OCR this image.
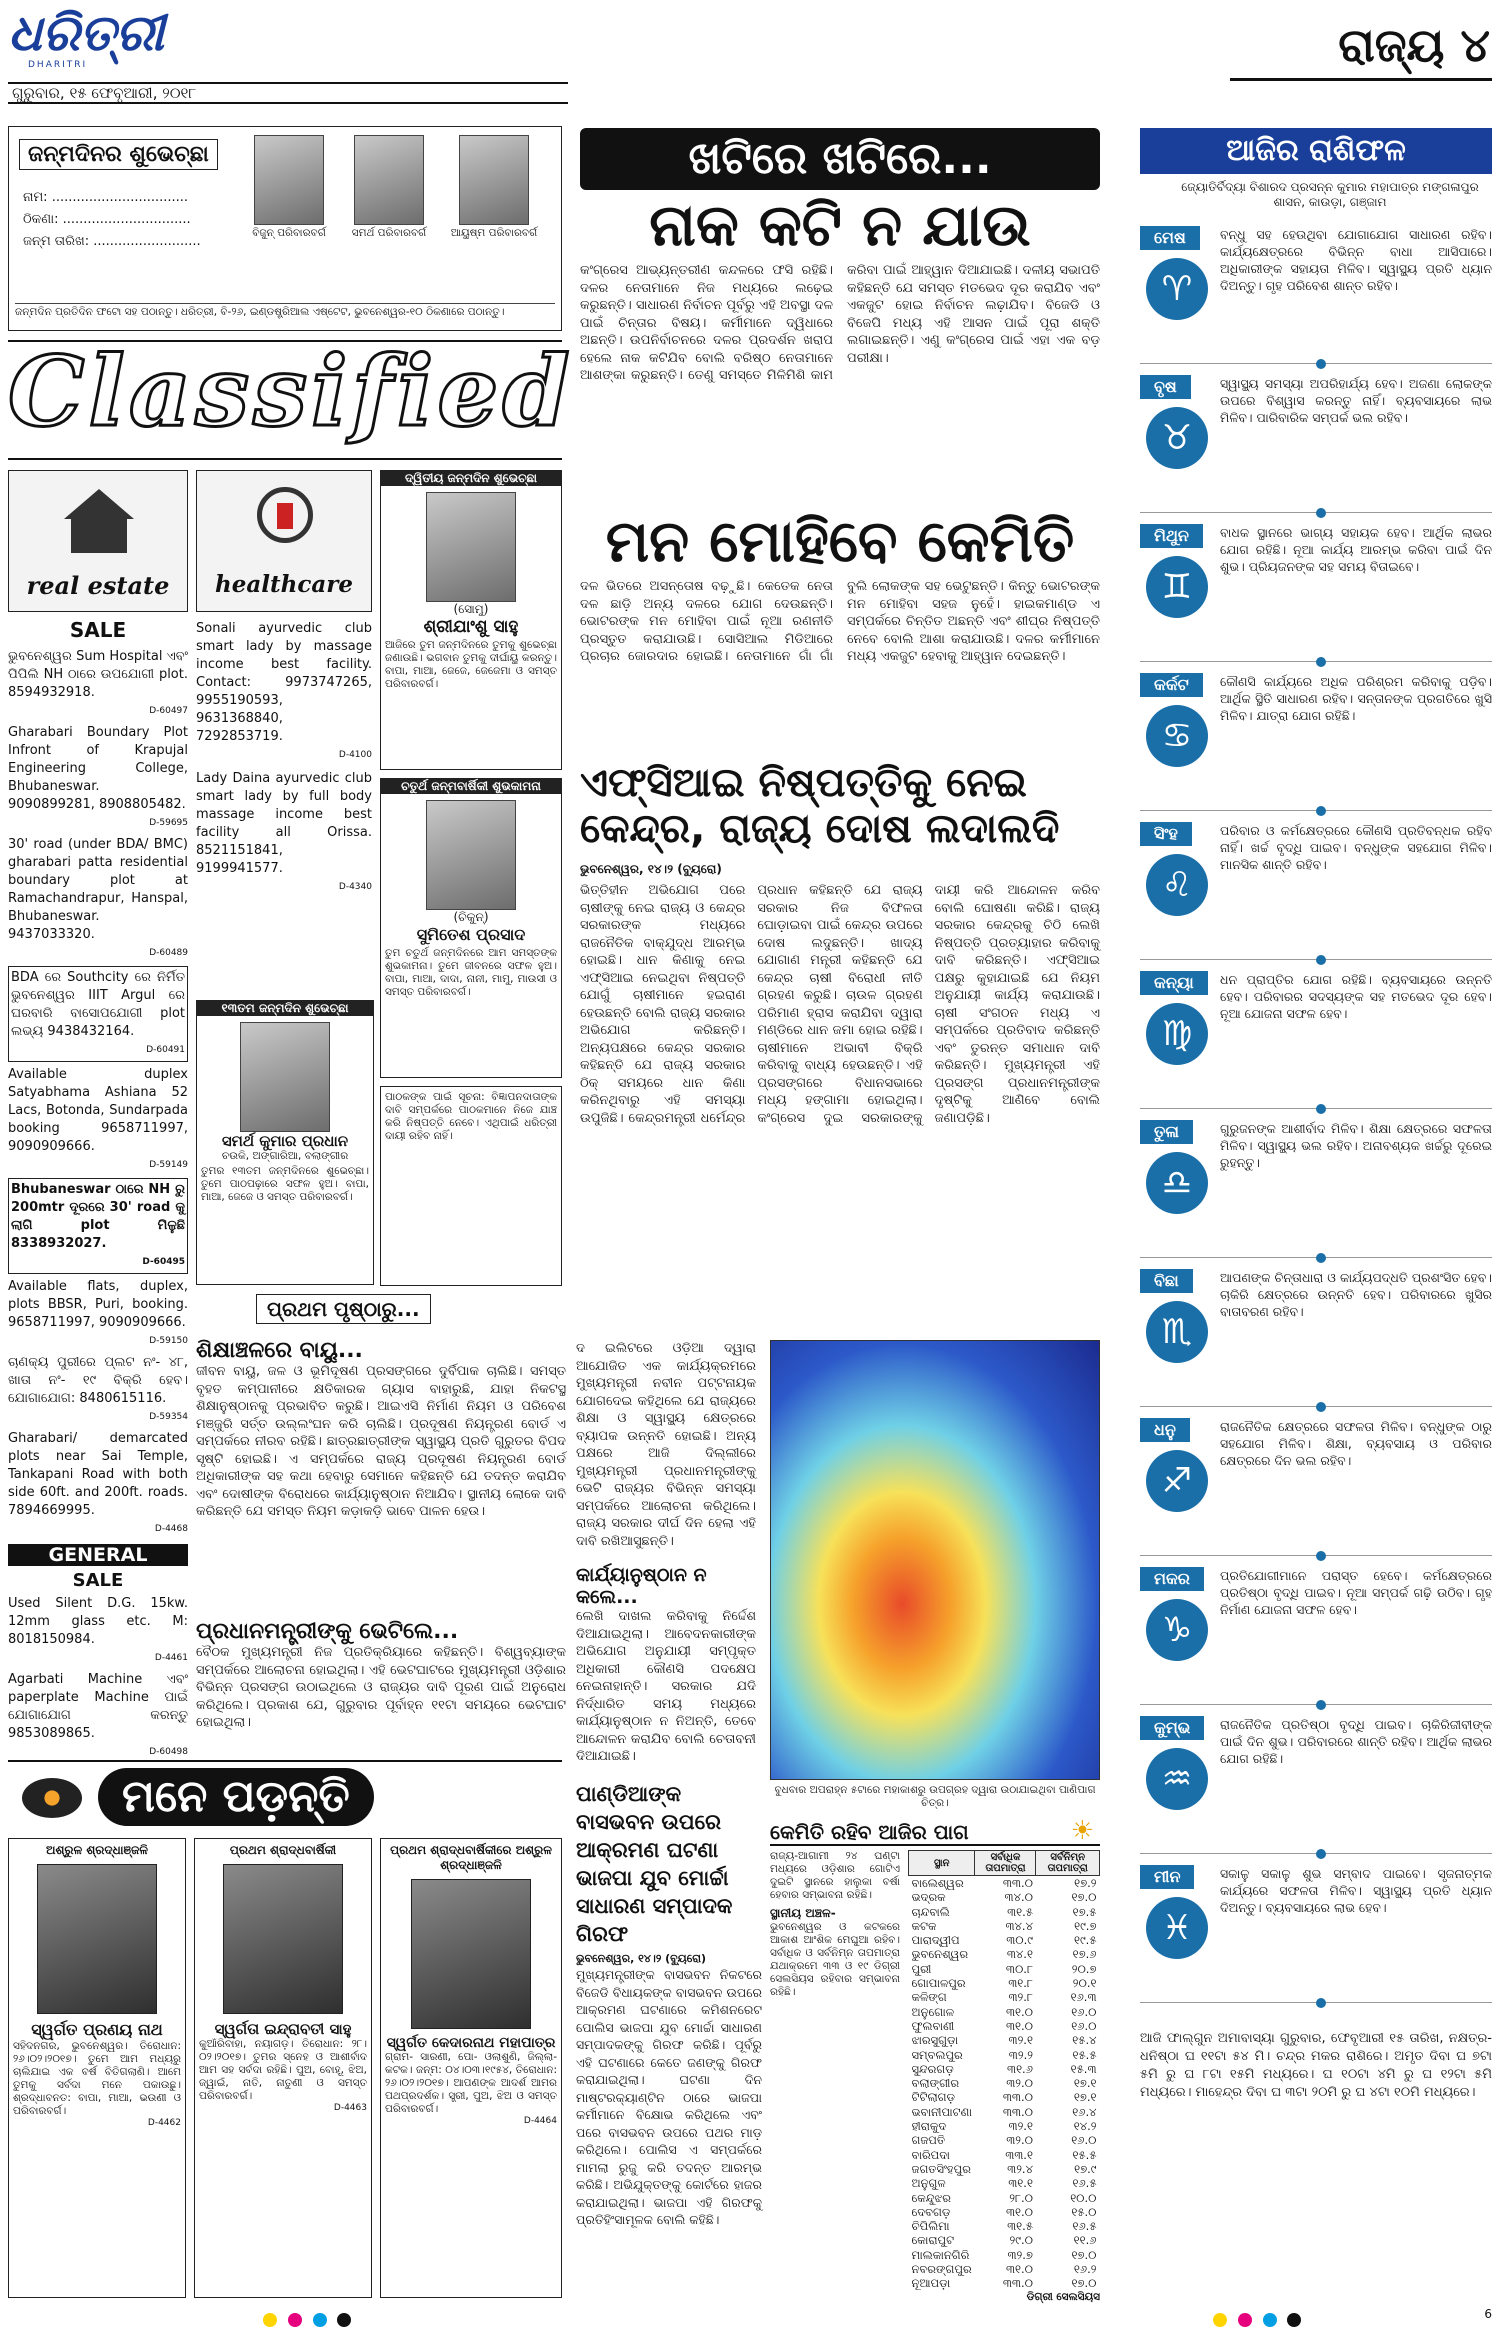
ଧରିତ୍ରୀ
DHARITRI
ଗୁରୁବାର, ୧୫ ଫେବୃଆରୀ, ୨୦୧୮
ରାଜ୍ୟ ୪
ଜନ୍ମଦିନର ଶୁଭେଚ୍ଛା
ନାମ: .................................
ଠିକଣା: ...............................
ଜନ୍ମ ତାରିଖ: ..........................
ବିଜୁନ୍ ପରିବାରବର୍ଗ	ସମର୍ଥ ପରିବାରବର୍ଗ	ଆୟୁଷ୍ମ ପରିବାରବର୍ଗ
ଜନ୍ମଦିନ ପ୍ରତିଦିନ ଫଟୋ ସହ ପଠାନ୍ତୁ। ଧରିତ୍ରୀ, ବି-୨୬, ଇଣ୍ଡଷ୍ଟ୍ରିଆଲ ଏଷ୍ଟେଟ, ଭୁବନେଶ୍ୱର-୧୦ ଠିକଣାରେ ପଠାନ୍ତୁ।
Classified
real estate
SALE
ଭୁବନେଶ୍ୱର Sum Hospital ଏବଂ ପିପିଲି NH ଠାରେ ଉପଯୋଗୀ plot. 8594932918.
D-60497
Gharabari Boundary Plot Infront of Krapujal Engineering College, Bhubaneswar. 9090899281, 8908805482.
D-59695
30' road (under BDA/ BMC) gharabari patta residential boundary plot at Ramachandrapur, Hanspal, Bhubaneswar. 9437033320.
D-60489
BDA ରେ Southcity ରେ ନିର୍ମିତ ଭୁବନେଶ୍ୱର IIIT Argul ରେ ଘରବାରି ବାସୋପଯୋଗୀ plot ଲଭ୍ୟ 9438432164.
D-60491
Available duplex Satyabhama Ashiana 52 Lacs, Botonda, Sundarpada booking 9658711997, 9090909666.
D-59149
Bhubaneswar ଠାରେ NH ରୁ 200mtr ଦୂରରେ 30' road କୁ ଲାଗି plot ମିଳୁଛି 8338932027.
D-60495
Available flats, duplex, plots BBSR, Puri, booking. 9658711997, 9090909666.
D-59150
ଚାଣକ୍ୟ ପୁରୀରେ ପ୍ଲଟ ନଂ- ୪୮, ଖାତା ନଂ- ୧୯ ବିକ୍ରି ହେବ। ଯୋଗାଯୋଗ: 8480615116.
D-59354
Gharabari/ demarcated plots near Sai Temple, Tankapani Road with both side 60ft. and 200ft. roads. 7894669995.
D-4468
GENERAL
SALE
Used Silent D.G. 15kw. 12mm glass etc. M: 8018150984.
D-4461
Agarbati Machine ଏବଂ paperplate Machine ପାଇଁ ଯୋଗାଯୋଗ କରନ୍ତୁ 9853089865.
D-60498
healthcare
Sonali ayurvedic club smart lady by massage income best facility. Contact: 9973747265, 9955190593, 9631368840, 7292853719.
D-4100
Lady Daina ayurvedic club smart lady by full body massage income best facility all Orissa. 8521151841, 9199941577.
D-4340
ଦ୍ୱିତୀୟ ଜନ୍ମଦିନ ଶୁଭେଚ୍ଛା
(ସୋମୁ)
ଶ୍ରୀଯାଂଶୁ ସାହୁ
ଆଜିରେ ତୁମ ଜନ୍ମଦିନରେ ତୁମକୁ ଶୁଭେଚ୍ଛା ଜଣାଉଛି। ଭଗବାନ ତୁମକୁ ଦୀର୍ଘାୟୁ କରନ୍ତୁ। ବାପା, ମାଆ, ଜେଜେ, ଜେଜେମା ଓ ସମସ୍ତ ପରିବାରବର୍ଗ।
ଚତୁର୍ଥ ଜନ୍ମବାର୍ଷିକୀ ଶୁଭକାମନା
(ଚିକୁନ୍)
ସୁମିତେଶ ପ୍ରସାଦ
ତୁମ ଚତୁର୍ଥ ଜନ୍ମଦିନରେ ଆମ ସମସ୍ତଙ୍କ ଶୁଭକାମନା। ତୁମେ ଜୀବନରେ ସଫଳ ହୁଅ। ବାପା, ମାଆ, ଦାଦା, ନାନୀ, ମାମୁ, ମାଉସୀ ଓ ସମସ୍ତ ପରିବାରବର୍ଗ।
୧୩ତମ ଜନ୍ମଦିନ ଶୁଭେଚ୍ଛା
ସମର୍ଥ କୁମାର ପ୍ରଧାନ
ଚଉକି, ଅଙ୍ଗାରିଆ, ବଲାଙ୍ଗୀର
ତୁମର ୧୩ତମ ଜନ୍ମଦିନରେ ଶୁଭେଚ୍ଛା। ତୁମେ ପାଠପଢ଼ାରେ ସଫଳ ହୁଅ। ବାପା, ମାଆ, ଜେଜେ ଓ ସମସ୍ତ ପରିବାରବର୍ଗ।
ପାଠକଙ୍କ ପାଇଁ ସୂଚନା: ବିଜ୍ଞାପନଦାତାଙ୍କ ଦାବି ସମ୍ପର୍କରେ ପାଠକମାନେ ନିଜେ ଯାଞ୍ଚ କରି ନିଷ୍ପତ୍ତି ନେବେ। ଏଥିପାଇଁ ଧରିତ୍ରୀ ଦାୟୀ ରହିବ ନାହିଁ।
ପ୍ରଥମ ପୃଷ୍ଠାରୁ...
ଶିକ୍ଷାଞ୍ଚଳରେ ବାୟୁ...
ଜୀବନ ବାୟୁ, ଜଳ ଓ ଭୂମିଦୂଷଣ ପ୍ରସଙ୍ଗରେ ଦୁର୍ବିପାକ ଚାଲିଛି। ସମସ୍ତ ବୃହତ କମ୍ପାନୀରେ କ୍ଷତିକାରକ ଗ୍ୟାସ ବାହାରୁଛି, ଯାହା ନିକଟସ୍ଥ ଶିକ୍ଷାନୁଷ୍ଠାନକୁ ପ୍ରଭାବିତ କରୁଛି। ଆଇଏସି ନିର୍ମାଣ ନିୟମ ଓ ପରିବେଶ ମଞ୍ଜୁରି ସର୍ତ୍ତ ଉଲ୍ଲଂଘନ କରି ଚାଲିଛି। ପ୍ରଦୂଷଣ ନିୟନ୍ତ୍ରଣ ବୋର୍ଡ ଏ ସମ୍ପର୍କରେ ନୀରବ ରହିଛି। ଛାତ୍ରଛାତ୍ରୀଙ୍କ ସ୍ୱାସ୍ଥ୍ୟ ପ୍ରତି ଗୁରୁତର ବିପଦ ସୃଷ୍ଟି ହୋଇଛି। ଏ ସମ୍ପର୍କରେ ରାଜ୍ୟ ପ୍ରଦୂଷଣ ନିୟନ୍ତ୍ରଣ ବୋର୍ଡ ଅଧିକାରୀଙ୍କ ସହ କଥା ହେବାରୁ ସେମାନେ କହିଛନ୍ତି ଯେ ତଦନ୍ତ କରାଯିବ ଏବଂ ଦୋଷୀଙ୍କ ବିରୋଧରେ କାର୍ଯ୍ୟାନୁଷ୍ଠାନ ନିଆଯିବ। ସ୍ଥାନୀୟ ଲୋକେ ଦାବି କରିଛନ୍ତି ଯେ ସମସ୍ତ ନିୟମ କଡ଼ାକଡ଼ି ଭାବେ ପାଳନ ହେଉ।
ପ୍ରଧାନମନ୍ତ୍ରୀଙ୍କୁ ଭେଟିଲେ...
ବୈଠକ ମୁଖ୍ୟମନ୍ତ୍ରୀ ନିଜ ପ୍ରତିକ୍ରିୟାରେ କହିଛନ୍ତି। ବିଶ୍ୱବ୍ୟାଙ୍କ ସମ୍ପର୍କରେ ଆଲୋଚନା ହୋଇଥିଲା। ଏହି ଭେଟଘାଟରେ ମୁଖ୍ୟମନ୍ତ୍ରୀ ଓଡ଼ିଶାର ବିଭିନ୍ନ ପ୍ରସଙ୍ଗ ଉଠାଇଥିଲେ ଓ ରାଜ୍ୟର ଦାବି ପୂରଣ ପାଇଁ ଅନୁରୋଧ କରିଥିଲେ। ପ୍ରକାଶ ଯେ, ଗୁରୁବାର ପୂର୍ବାହ୍ନ ୧୧ଟା ସମୟରେ ଭେଟଘାଟ ହୋଇଥିଲା।
ଦ ଇଲିଟରେ ଓଡ଼ିଆ ଦ୍ୱାରା ଆଯୋଜିତ ଏକ କାର୍ଯ୍ୟକ୍ରମରେ ମୁଖ୍ୟମନ୍ତ୍ରୀ ନବୀନ ପଟ୍ଟନାୟକ ଯୋଗଦେଇ କହିଥିଲେ ଯେ ରାଜ୍ୟରେ ଶିକ୍ଷା ଓ ସ୍ୱାସ୍ଥ୍ୟ କ୍ଷେତ୍ରରେ ବ୍ୟାପକ ଉନ୍ନତି ହୋଇଛି। ଅନ୍ୟ ପକ୍ଷରେ ଆଜି ଦିଲ୍ଲୀରେ ମୁଖ୍ୟମନ୍ତ୍ରୀ ପ୍ରଧାନମନ୍ତ୍ରୀଙ୍କୁ ଭେଟି ରାଜ୍ୟର ବିଭିନ୍ନ ସମସ୍ୟା ସମ୍ପର୍କରେ ଆଲୋଚନା କରିଥିଲେ। ରାଜ୍ୟ ସରକାର ଦୀର୍ଘ ଦିନ ହେଲା ଏହି ଦାବି ରଖିଆସୁଛନ୍ତି।
କାର୍ଯ୍ୟାନୁଷ୍ଠାନ ନ କଲେ...
ଲେଖି ଦାଖଲ କରିବାକୁ ନିର୍ଦ୍ଦେଶ ଦିଆଯାଇଥିଲା। ଆବେଦନକାରୀଙ୍କ ଅଭିଯୋଗ ଅନୁଯାୟୀ ସମ୍ପୃକ୍ତ ଅଧିକାରୀ କୌଣସି ପଦକ୍ଷେପ ନେଇନାହାନ୍ତି। ସରକାର ଯଦି ନିର୍ଦ୍ଧାରିତ ସମୟ ମଧ୍ୟରେ କାର୍ଯ୍ୟାନୁଷ୍ଠାନ ନ ନିଅନ୍ତି, ତେବେ ଆନ୍ଦୋଳନ କରାଯିବ ବୋଲି ଚେତାବନୀ ଦିଆଯାଇଛି।
ମନେ ପଡ଼ନ୍ତି
ଅଶ୍ରୁଳ ଶ୍ରଦ୍ଧାଞ୍ଜଳି
ସ୍ୱର୍ଗତ ପ୍ରଣୟ ନାଥ
ସହିଦନଗର, ଭୁବନେଶ୍ୱର। ତିରୋଧାନ: ୨୬।୦୨।୨୦୧୭। ତୁମେ ଆମ ମଧ୍ୟରୁ ଚାଲିଯାଇ ଏକ ବର୍ଷ ବିତିଗଲାଣି। ଆମେ ତୁମକୁ ସର୍ବଦା ମନେ ପକାଉଛୁ। ଶ୍ରଦ୍ଧାବନତ: ବାପା, ମାଆ, ଭଉଣୀ ଓ ପରିବାରବର୍ଗ।
D-4462
ପ୍ରଥମ ଶ୍ରାଦ୍ଧବାର୍ଷିକୀ
ସ୍ୱର୍ଗତା ଇନ୍ଦ୍ରାବତୀ ସାହୁ
କୁଆଁରିବାହା, ନୟାଗଡ଼। ତିରୋଧାନ: ୨୮।୦୨।୨୦୧୭। ତୁମର ସ୍ନେହ ଓ ଆଶୀର୍ବାଦ ଆମ ସହ ସର୍ବଦା ରହିଛି। ପୁଅ, ବୋହୂ, ଝିଅ, ଜ୍ୱାଇଁ, ନାତି, ନାତୁଣୀ ଓ ସମସ୍ତ ପରିବାରବର୍ଗ।
D-4463
ପ୍ରଥମ ଶ୍ରାଦ୍ଧବାର୍ଷିକୀରେ ଅଶ୍ରୁଳ ଶ୍ରଦ୍ଧାଞ୍ଜଳି
ସ୍ୱର୍ଗତ କେଦାରନାଥ ମହାପାତ୍ର
ଗ୍ରାମ- ସାରଣୀ, ପୋ- ଓଲାଶୁଣି, ଜିଲ୍ଲା- କଟକ। ଜନ୍ମ: ୦୪।୦୩।୧୯୫୪, ତିରୋଧାନ: ୨୬।୦୨।୨୦୧୭। ଆପଣଙ୍କ ଆଦର୍ଶ ଆମର ପଥପ୍ରଦର୍ଶକ। ସ୍ତ୍ରୀ, ପୁଅ, ଝିଅ ଓ ସମସ୍ତ ପରିବାରବର୍ଗ।
D-4464
ଖଟିରେ ଖଟିରେ...
ନାକ କଟି ନ ଯାଉ
କଂଗ୍ରେସ ଆଭ୍ୟନ୍ତରୀଣ କନ୍ଦଳରେ ଫସି ରହିଛି। ଦଳର ନେତାମାନେ ନିଜ ମଧ୍ୟରେ ଲଢ଼େଇ କରୁଛନ୍ତି। ସାଧାରଣ ନିର୍ବାଚନ ପୂର୍ବରୁ ଏହି ଅବସ୍ଥା ଦଳ ପାଇଁ ଚିନ୍ତାର ବିଷୟ। କର୍ମୀମାନେ ଦ୍ୱିଧାରେ ଅଛନ୍ତି। ଉପନିର୍ବାଚନରେ ଦଳର ପ୍ରଦର୍ଶନ ଖରାପ ହେଲେ ନାକ କଟିଯିବ ବୋଲି ବରିଷ୍ଠ ନେତାମାନେ ଆଶଙ୍କା କରୁଛନ୍ତି। ତେଣୁ ସମସ୍ତେ ମିଳିମିଶି କାମ କରିବା ପାଇଁ ଆହ୍ୱାନ ଦିଆଯାଇଛି। ଦଳୀୟ ସଭାପତି କହିଛନ୍ତି ଯେ ସମସ୍ତ ମତଭେଦ ଦୂର କରାଯିବ ଏବଂ ଏକଜୁଟ ହୋଇ ନିର୍ବାଚନ ଲଢ଼ାଯିବ। ବିଜେଡି ଓ ବିଜେପି ମଧ୍ୟ ଏହି ଆସନ ପାଇଁ ପୂରା ଶକ୍ତି ଲଗାଇଛନ୍ତି। ଏଣୁ କଂଗ୍ରେସ ପାଇଁ ଏହା ଏକ ବଡ଼ ପରୀକ୍ଷା।
ମନ ମୋହିବେ କେମିତି
ଦଳ ଭିତରେ ଅସନ୍ତୋଷ ବଢ଼ୁଛି। କେତେକ ନେତା ଦଳ ଛାଡ଼ି ଅନ୍ୟ ଦଳରେ ଯୋଗ ଦେଉଛନ୍ତି। ଭୋଟରଙ୍କ ମନ ମୋହିବା ପାଇଁ ନୂଆ ରଣନୀତି ପ୍ରସ୍ତୁତ କରାଯାଉଛି। ସୋସିଆଲ ମିଡିଆରେ ପ୍ରଚାର ଜୋରଦାର ହୋଇଛି। ନେତାମାନେ ଗାଁ ଗାଁ ବୁଲି ଲୋକଙ୍କ ସହ ଭେଟୁଛନ୍ତି। କିନ୍ତୁ ଭୋଟରଙ୍କ ମନ ମୋହିବା ସହଜ ନୁହେଁ। ହାଇକମାଣ୍ଡ ଏ ସମ୍ପର୍କରେ ଚିନ୍ତିତ ଅଛନ୍ତି ଏବଂ ଶୀଘ୍ର ନିଷ୍ପତ୍ତି ନେବେ ବୋଲି ଆଶା କରାଯାଉଛି। ଦଳର କର୍ମୀମାନେ ମଧ୍ୟ ଏକଜୁଟ ହେବାକୁ ଆହ୍ୱାନ ଦେଇଛନ୍ତି।
ଏଫ୍‌ସିଆଇ ନିଷ୍ପତ୍ତିକୁ ନେଇ କେନ୍ଦ୍ର, ରାଜ୍ୟ ଦୋଷ ଲଦାଲଦି
ଭୁବନେଶ୍ୱର, ୧୪।୨ (ବ୍ୟୁରୋ)
ଭିତ୍ତିହୀନ ଅଭିଯୋଗ ପରେ ଚାଷୀଙ୍କୁ ନେଇ ରାଜ୍ୟ ଓ କେନ୍ଦ୍ର ସରକାରଙ୍କ ମଧ୍ୟରେ ରାଜନୈତିକ ବାକ୍‌ଯୁଦ୍ଧ ଆରମ୍ଭ ହୋଇଛି। ଧାନ କିଣାକୁ ନେଇ ଏଫ୍‌ସିଆଇ ନେଇଥିବା ନିଷ୍ପତ୍ତି ଯୋଗୁଁ ଚାଷୀମାନେ ହଇରାଣ ହେଉଛନ୍ତି ବୋଲି ରାଜ୍ୟ ସରକାର ଅଭିଯୋଗ କରିଛନ୍ତି। ଅନ୍ୟପକ୍ଷରେ କେନ୍ଦ୍ର ସରକାର କହିଛନ୍ତି ଯେ ରାଜ୍ୟ ସରକାର ଠିକ୍ ସମୟରେ ଧାନ କିଣା କରିନଥିବାରୁ ଏହି ସମସ୍ୟା ଉପୁଜିଛି। କେନ୍ଦ୍ରମନ୍ତ୍ରୀ ଧର୍ମେନ୍ଦ୍ର ପ୍ରଧାନ କହିଛନ୍ତି ଯେ ରାଜ୍ୟ ସରକାର ନିଜ ବିଫଳତା ଘୋଡ଼ାଇବା ପାଇଁ କେନ୍ଦ୍ର ଉପରେ ଦୋଷ ଲଦୁଛନ୍ତି। ଖାଦ୍ୟ ଯୋଗାଣ ମନ୍ତ୍ରୀ କହିଛନ୍ତି ଯେ କେନ୍ଦ୍ର ଚାଷୀ ବିରୋଧୀ ନୀତି ଗ୍ରହଣ କରୁଛି। ଚାଉଳ ଗ୍ରହଣ ପରିମାଣ ହ୍ରାସ କରାଯିବା ଦ୍ୱାରା ମଣ୍ଡିରେ ଧାନ ଜମା ହୋଇ ରହିଛି। ଚାଷୀମାନେ ଅଭାବୀ ବିକ୍ରି କରିବାକୁ ବାଧ୍ୟ ହେଉଛନ୍ତି। ଏହି ପ୍ରସଙ୍ଗରେ ବିଧାନସଭାରେ ମଧ୍ୟ ହଙ୍ଗାମା ହୋଇଥିଲା। କଂଗ୍ରେସ ଦୁଇ ସରକାରଙ୍କୁ ଦାୟୀ କରି ଆନ୍ଦୋଳନ କରିବ ବୋଲି ଘୋଷଣା କରିଛି। ରାଜ୍ୟ ସରକାର କେନ୍ଦ୍ରକୁ ଚିଠି ଲେଖି ନିଷ୍ପତ୍ତି ପ୍ରତ୍ୟାହାର କରିବାକୁ ଦାବି କରିଛନ୍ତି। ଏଫ୍‌ସିଆଇ ପକ୍ଷରୁ କୁହାଯାଇଛି ଯେ ନିୟମ ଅନୁଯାୟୀ କାର୍ଯ୍ୟ କରାଯାଉଛି। ଚାଷୀ ସଂଗଠନ ମଧ୍ୟ ଏ ସମ୍ପର୍କରେ ପ୍ରତିବାଦ କରିଛନ୍ତି ଏବଂ ତୁରନ୍ତ ସମାଧାନ ଦାବି କରିଛନ୍ତି। ମୁଖ୍ୟମନ୍ତ୍ରୀ ଏହି ପ୍ରସଙ୍ଗ ପ୍ରଧାନମନ୍ତ୍ରୀଙ୍କ ଦୃଷ୍ଟିକୁ ଆଣିବେ ବୋଲି ଜଣାପଡ଼ିଛି।
ବୁଧବାର ଅପରାହ୍ନ ୫ଟାରେ ମହାକାଶରୁ ଉପଗ୍ରହ ଦ୍ୱାରା ଉଠାଯାଇଥିବା ପାଣିପାଗ ଚିତ୍ର।
ପାଣ୍ଡିଆଙ୍କ ବାସଭବନ ଉପରେ ଆକ୍ରମଣ ଘଟଣା ଭାଜପା ଯୁବ ମୋର୍ଚ୍ଚା ସାଧାରଣ ସମ୍ପାଦକ ଗିରଫ
ଭୁବନେଶ୍ୱର, ୧୪।୨ (ବ୍ୟୁରୋ)
ମୁଖ୍ୟମନ୍ତ୍ରୀଙ୍କ ବାସଭବନ ନିକଟରେ ବିଜେଡି ବିଧାୟକଙ୍କ ବାସଭବନ ଉପରେ ଆକ୍ରମଣ ଘଟଣାରେ କମିଶନରେଟ ପୋଲିସ ଭାଜପା ଯୁବ ମୋର୍ଚ୍ଚା ସାଧାରଣ ସମ୍ପାଦକଙ୍କୁ ଗିରଫ କରିଛି। ପୂର୍ବରୁ ଏହି ଘଟଣାରେ କେତେ ଜଣଙ୍କୁ ଗିରଫ କରାଯାଇଥିଲା। ଘଟଣା ଦିନ ମାଷ୍ଟରକ୍ୟାଣ୍ଟିନ ଠାରେ ଭାଜପା କର୍ମୀମାନେ ବିକ୍ଷୋଭ କରିଥିଲେ ଏବଂ ପରେ ବାସଭବନ ଉପରେ ପଥର ମାଡ଼ କରିଥିଲେ। ପୋଲିସ ଏ ସମ୍ପର୍କରେ ମାମଲା ରୁଜୁ କରି ତଦନ୍ତ ଆରମ୍ଭ କରିଛି। ଅଭିଯୁକ୍ତଙ୍କୁ କୋର୍ଟରେ ହାଜର କରାଯାଇଥିଲା। ଭାଜପା ଏହି ଗିରଫକୁ ପ୍ରତିହିଂସାମୂଳକ ବୋଲି କହିଛି।
କେମିତି ରହିବ ଆଜିର ପାଗ	☀
ରାଜ୍ୟ-ଆଗାମୀ ୨୪ ଘଣ୍ଟା ମଧ୍ୟରେ ଓଡ଼ିଶାର ଗୋଟିଏ ଦୁଇଟି ସ୍ଥାନରେ ହାଲୁକା ବର୍ଷା ହେବାର ସମ୍ଭାବନା ରହିଛି।
ସ୍ଥାନୀୟ ଅଞ୍ଚଳ-
ଭୁବନେଶ୍ୱର ଓ କଟକରେ ଆକାଶ ଆଂଶିକ ମେଘୁଆ ରହିବ। ସର୍ବାଧିକ ଓ ସର୍ବନିମ୍ନ ତାପମାତ୍ରା ଯଥାକ୍ରମେ ୩୩ ଓ ୧୯ ଡିଗ୍ରୀ ସେଲସିୟସ ରହିବାର ସମ୍ଭାବନା ରହିଛି।
ସ୍ଥାନ	ସର୍ବାଧିକ ତାପମାତ୍ରା	ସର୍ବନିମ୍ନ ତାପମାତ୍ରା
ବାଲେଶ୍ୱର	୩୩.୦	୧୭.୨
ଭଦ୍ରକ	୩୪.୦	୧୭.୦
ଚାନ୍ଦବାଲି	୩୧.୫	୧୭.୫
କଟକ	୩୪.୪	୧୯.୭
ପାରାଦ୍ୱୀପ	୩୦.୯	୧୯.୫
ଭୁବନେଶ୍ୱର	୩୪.୧	୧୭.୬
ପୁରୀ	୩୦.୮	୨୦.୭
ଗୋପାଳପୁର	୩୧.୮	୨୦.୧
କଳିଙ୍ଗ	୩୨.୮	୧୬.୩
ଅନୁଗୋଳ	୩୧.୦	୧୬.୦
ଫୁଲବାଣୀ	୩୧.୦	୧୬.୦
ଝାରସୁଗୁଡ଼ା	୩୨.୧	୧୫.୪
ସମ୍ବଲପୁର	୩୨.୨	୧୫.୫
ସୁନ୍ଦରଗଡ଼	୩୧.୬	୧୫.୩
ବଲାଙ୍ଗୀର	୩୨.୦	୧୭.୧
ଟିଟିଲାଗଡ଼	୩୩.୦	୧୭.୧
ଭବାନୀପାଟଣା	୩୩.୦	୧୬.୪
ହୀରାକୁଦ	୩୨.୧	୧୪.୨
ଗଜପତି	୩୨.୦	୧୬.୦
ବାରିପଦା	୩୩.୧	୧୫.୫
ଜଗତସିଂହପୁର	୩୨.୪	୧୭.୯
ଅନୁଗୁଳ	୩୧.୧	୧୬.୫
କେନ୍ଦୁଝର	୨୮.୦	୧୦.୦
ଦେବଗଡ଼	୩୧.୦	୧୫.୦
ଚିପିଲିମା	୩୧.୫	୧୬.୫
କୋରାପୁଟ	୨୯.୦	୧୧.୬
ମାଲକାନଗିରି	୩୨.୭	୧୭.୦
ନବରଙ୍ଗପୁର	୩୧.୦	୧୬.୨
ନୂଆପଡ଼ା	୩୩.୦	୧୭.୦
ଡିଗ୍ରୀ ସେଲସିୟସ
ଆଜିର ରାଶିଫଳ
ଜ୍ୟୋତିର୍ବିଦ୍ୟା ବିଶାରଦ ପ୍ରସନ୍ନ କୁମାର ମହାପାତ୍ର ମଙ୍ଗଳାପୁର ଶାସନ, କାଉଡ଼ା, ଗଞ୍ଜାମ
ମେଷ
♈
ବନ୍ଧୁ ସହ ହେଉଥିବା ଯୋଗାଯୋଗ ସାଧାରଣ ରହିବ। କାର୍ଯ୍ୟକ୍ଷେତ୍ରରେ ବିଭିନ୍ନ ବାଧା ଆସିପାରେ। ଅଧିକାରୀଙ୍କ ସହାୟତା ମିଳିବ। ସ୍ୱାସ୍ଥ୍ୟ ପ୍ରତି ଧ୍ୟାନ ଦିଅନ୍ତୁ। ଗୃହ ପରିବେଶ ଶାନ୍ତ ରହିବ।
ବୃଷ
♉
ସ୍ୱାସ୍ଥ୍ୟ ସମସ୍ୟା ଅପରିହାର୍ଯ୍ୟ ହେବ। ଅଜଣା ଲୋକଙ୍କ ଉପରେ ବିଶ୍ୱାସ କରନ୍ତୁ ନାହିଁ। ବ୍ୟବସାୟରେ ଲାଭ ମିଳିବ। ପାରିବାରିକ ସମ୍ପର୍କ ଭଲ ରହିବ।
ମିଥୁନ
♊
ବାଧକ ସ୍ଥାନରେ ଭାଗ୍ୟ ସହାୟକ ହେବ। ଆର୍ଥିକ ଲାଭର ଯୋଗ ରହିଛି। ନୂଆ କାର୍ଯ୍ୟ ଆରମ୍ଭ କରିବା ପାଇଁ ଦିନ ଶୁଭ। ପ୍ରିୟଜନଙ୍କ ସହ ସମୟ ବିତାଇବେ।
କର୍କଟ
♋
କୌଣସି କାର୍ଯ୍ୟରେ ଅଧିକ ପରିଶ୍ରମ କରିବାକୁ ପଡ଼ିବ। ଆର୍ଥିକ ସ୍ଥିତି ସାଧାରଣ ରହିବ। ସନ୍ତାନଙ୍କ ପ୍ରଗତିରେ ଖୁସି ମିଳିବ। ଯାତ୍ରା ଯୋଗ ରହିଛି।
ସିଂହ
♌
ପରିବାର ଓ କର୍ମକ୍ଷେତ୍ରରେ କୌଣସି ପ୍ରତିବନ୍ଧକ ରହିବ ନାହିଁ। ଖର୍ଚ୍ଚ ବୃଦ୍ଧି ପାଇବ। ବନ୍ଧୁଙ୍କ ସହଯୋଗ ମିଳିବ। ମାନସିକ ଶାନ୍ତି ରହିବ।
କନ୍ୟା
♍
ଧନ ପ୍ରାପ୍ତିର ଯୋଗ ରହିଛି। ବ୍ୟବସାୟରେ ଉନ୍ନତି ହେବ। ପରିବାରର ସଦସ୍ୟଙ୍କ ସହ ମତଭେଦ ଦୂର ହେବ। ନୂଆ ଯୋଜନା ସଫଳ ହେବ।
ତୁଳା
♎
ଗୁରୁଜନଙ୍କ ଆଶୀର୍ବାଦ ମିଳିବ। ଶିକ୍ଷା କ୍ଷେତ୍ରରେ ସଫଳତା ମିଳିବ। ସ୍ୱାସ୍ଥ୍ୟ ଭଲ ରହିବ। ଅନାବଶ୍ୟକ ଖର୍ଚ୍ଚରୁ ଦୂରେଇ ରୁହନ୍ତୁ।
ବିଛା
♏
ଆପଣଙ୍କ ଚିନ୍ତାଧାରା ଓ କାର୍ଯ୍ୟପଦ୍ଧତି ପ୍ରଶଂସିତ ହେବ। ଚାକିରି କ୍ଷେତ୍ରରେ ଉନ୍ନତି ହେବ। ପରିବାରରେ ଖୁସିର ବାତାବରଣ ରହିବ।
ଧନୁ
♐
ରାଜନୈତିକ କ୍ଷେତ୍ରରେ ସଫଳତା ମିଳିବ। ବନ୍ଧୁଙ୍କ ଠାରୁ ସହଯୋଗ ମିଳିବ। ଶିକ୍ଷା, ବ୍ୟବସାୟ ଓ ପରିବାର କ୍ଷେତ୍ରରେ ଦିନ ଭଲ ରହିବ।
ମକର
♑
ପ୍ରତିଯୋଗୀମାନେ ପରାସ୍ତ ହେବେ। କର୍ମକ୍ଷେତ୍ରରେ ପ୍ରତିଷ୍ଠା ବୃଦ୍ଧି ପାଇବ। ନୂଆ ସମ୍ପର୍କ ଗଢ଼ି ଉଠିବ। ଗୃହ ନିର୍ମାଣ ଯୋଜନା ସଫଳ ହେବ।
କୁମ୍ଭ
♒
ରାଜନୈତିକ ପ୍ରତିଷ୍ଠା ବୃଦ୍ଧି ପାଇବ। ଚାକିରିଜୀବୀଙ୍କ ପାଇଁ ଦିନ ଶୁଭ। ପରିବାରରେ ଶାନ୍ତି ରହିବ। ଆର୍ଥିକ ଲାଭର ଯୋଗ ରହିଛି।
ମୀନ
♓
ସକାଳୁ ସକାଳୁ ଶୁଭ ସମ୍ବାଦ ପାଇବେ। ସୃଜନାତ୍ମକ କାର୍ଯ୍ୟରେ ସଫଳତା ମିଳିବ। ସ୍ୱାସ୍ଥ୍ୟ ପ୍ରତି ଧ୍ୟାନ ଦିଅନ୍ତୁ। ବ୍ୟବସାୟରେ ଲାଭ ହେବ।
ଆଜି ଫାଲ୍‌ଗୁନ ଅମାବାସ୍ୟା ଗୁରୁବାର, ଫେବୃଆରୀ ୧୫ ତାରିଖ, ନକ୍ଷତ୍ର-ଧନିଷ୍ଠା ଘ ୧୧ଟା ୫୪ ମି। ଚନ୍ଦ୍ର ମକର ରାଶିରେ। ଅମୃତ ଦିବା ଘ ୭ଟା ୫ମି ରୁ ଘ ୮ଟା ୧୫ମି ମଧ୍ୟରେ। ଘ ୧୦ଟା ୪ମି ରୁ ଘ ୧୨ଟା ୫ମି ମଧ୍ୟରେ। ମାହେନ୍ଦ୍ର ଦିବା ଘ ୩ଟା ୨୦ମି ରୁ ଘ ୪ଟା ୧୦ମି ମଧ୍ୟରେ।

6
